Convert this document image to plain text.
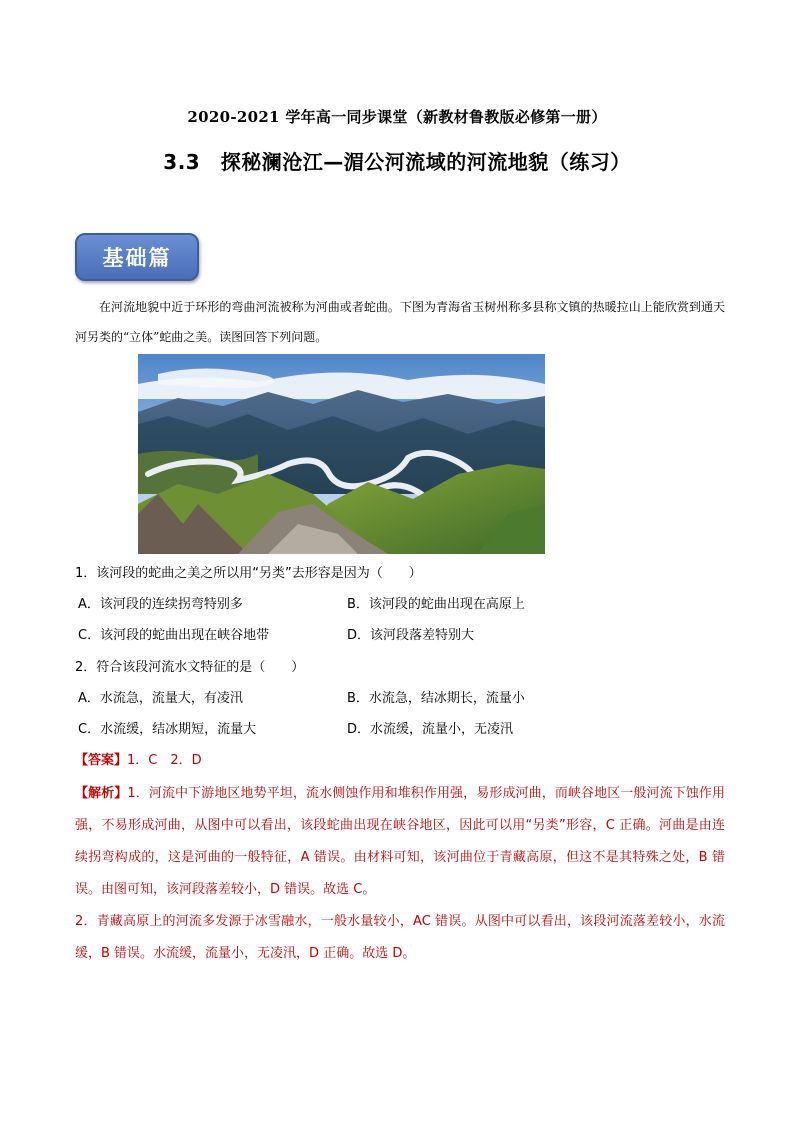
2020-2021 学年高一同步课堂（新教材鲁教版必修第一册）
3.3　探秘澜沧江—湄公河流域的河流地貌（练习）
基础篇
在河流地貌中近于环形的弯曲河流被称为河曲或者蛇曲。下图为青海省玉树州称多县称文镇的热暖拉山上能欣赏到通天河另类的“立体”蛇曲之美。读图回答下列问题。
1．该河段的蛇曲之美之所以用“另类”去形容是因为（　　）
A．该河段的连续拐弯特别多	B．该河段的蛇曲出现在高原上
C．该河段的蛇曲出现在峡谷地带	D．该河段落差特别大
2．符合该段河流水文特征的是（　　）
A．水流急，流量大，有凌汛	B．水流急，结冰期长，流量小
C．水流缓，结冰期短，流量大	D．水流缓，流量小，无凌汛
【答案】1．C　2．D
【解析】1．河流中下游地区地势平坦，流水侧蚀作用和堆积作用强，易形成河曲，而峡谷地区一般河流下蚀作用强，不易形成河曲，从图中可以看出，该段蛇曲出现在峡谷地区，因此可以用“另类”形容，C 正确。河曲是由连续拐弯构成的，这是河曲的一般特征，A 错误。由材料可知，该河曲位于青藏高原，但这不是其特殊之处，B 错误。由图可知，该河段落差较小，D 错误。故选 C。
2．青藏高原上的河流多发源于冰雪融水，一般水量较小，AC 错误。从图中可以看出，该段河流落差较小，水流缓，B 错误。水流缓，流量小，无凌汛，D 正确。故选 D。
